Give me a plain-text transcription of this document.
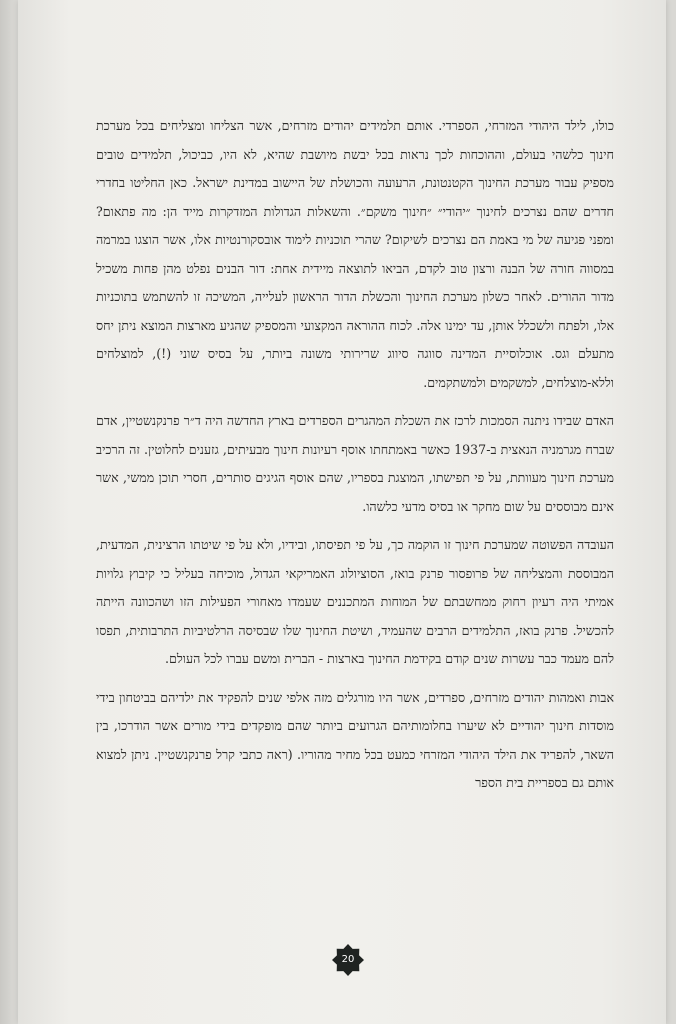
כולו, לילד היהודי המזרחי, הספרדי. אותם תלמידים יהודים מזרחים, אשר הצליחו ומצליחים בכל מערכת חינוך כלשהי בעולם, וההוכחות לכך נראות בכל יבשת מיושבת שהיא, לא היו, כביכול, תלמידים טובים מספיק עבור מערכת החינוך הקטנטונת, הרעועה והכושלת של היישוב במדינת ישראל. כאן החליטו בחדרי חדרים שהם נצרכים לחינוך ״יהודי״ ״חינוך משקם״. והשאלות הגדולות המזדקרות מייד הן: מה פתאום? ומפני פגיעה של מי באמת הם נצרכים לשיקום? שהרי תוכניות לימוד אובסקורנטיות אלו, אשר הוצגו במרמה במסווה חורה של הבנה ורצון טוב לקדם, הביאו לתוצאה מיידית אחת: דור הבנים נפלט מהן פחות משכיל מדור ההורים. לאחר כשלון מערכת החינוך והכשלת הדור הראשון לעלייה, המשיכה זו להשתמש בתוכניות אלו, ולפתח ולשכלל אותן, עד ימינו אלה. לכוח ההוראה המקצועי והמספיק שהגיע מארצות המוצא ניתן יחס מתעלם וגס. אוכלוסיית המדינה סווגה סיווג שרירותי משונה ביותר, על בסיס שוני (!), למוצלחים וללא-מוצלחים, למשקמים ולמשתקמים.

האדם שבידו ניתנה הסמכות לרכז את השכלת המהגרים הספרדים בארץ החדשה היה ד״ר פרנקנשטיין, אדם שברח מגרמניה הנאצית ב-1937 כאשר באמתחתו אוסף רעיונות חינוך מבעיתים, גזענים לחלוטין. זה הרכיב מערכת חינוך מעוותת, על פי תפישתו, המוצגת בספריו, שהם אוסף הגיגים סותרים, חסרי תוכן ממשי, אשר אינם מבוססים על שום מחקר או בסיס מדעי כלשהו.

העובדה הפשוטה שמערכת חינוך זו הוקמה כך, על פי תפיסתו, ובידיו, ולא על פי שיטתו הרצינית, המדעית, המבוססת והמצליחה של פרופסור פרנק בואז, הסוציולוג האמריקאי הגדול, מוכיחה בעליל כי קיבוץ גלויות אמיתי היה רעיון רחוק ממחשבתם של המוחות המתכננים שעמדו מאחורי הפעילות הזו ושהכוונה הייתה להכשיל. פרנק בואז, התלמידים הרבים שהעמיד, ושיטת החינוך שלו שבסיסה הרלטיביות התרבותית, תפסו להם מעמד כבר עשרות שנים קודם בקידמת החינוך בארצות - הברית ומשם עברו לכל העולם.

אבות ואמהות יהודים מזרחים, ספרדים, אשר היו מורגלים מזה אלפי שנים להפקיד את ילדיהם בביטחון בידי מוסדות חינוך יהודיים לא שיערו בחלומותיהם הגרועים ביותר שהם מופקדים בידי מורים אשר הודרכו, בין השאר, להפריד את הילד היהודי המזרחי כמעט בכל מחיר מהוריו. (ראה כתבי קרל פרנקנשטיין. ניתן למצוא אותם גם בספריית בית הספר

20
